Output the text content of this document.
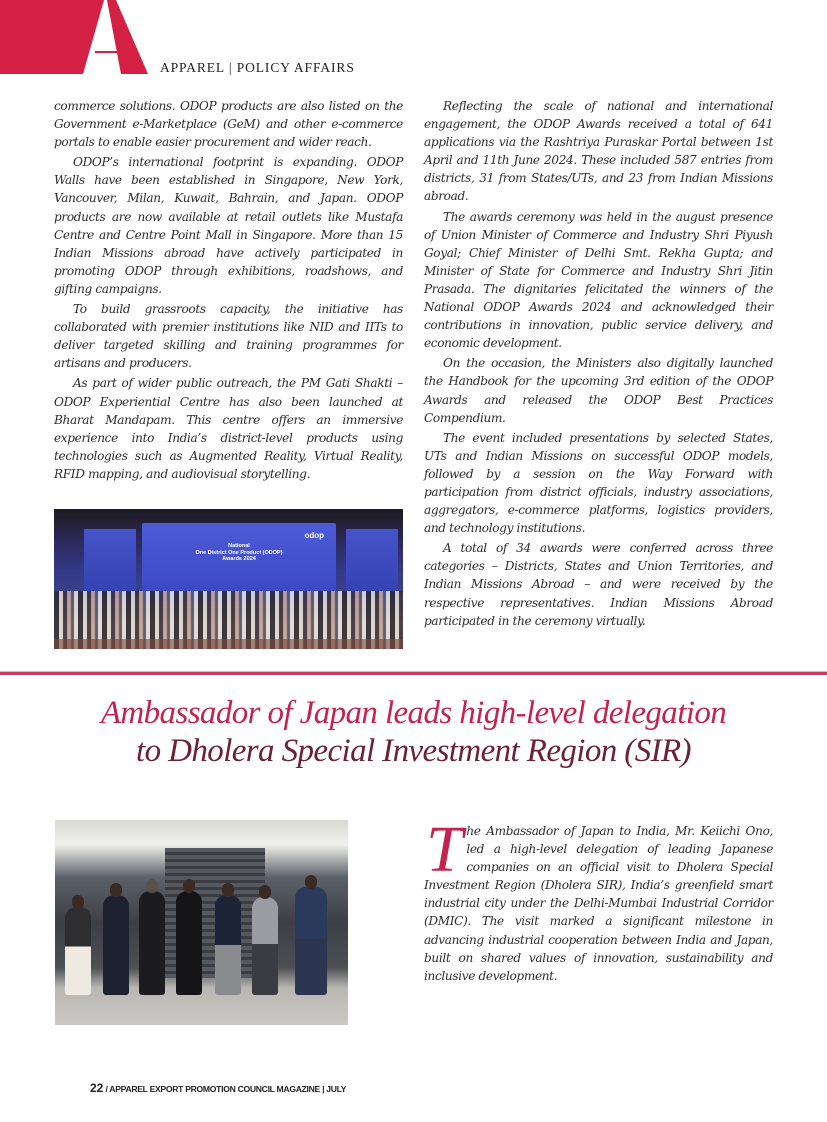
APPAREL | POLICY AFFAIRS

commerce solutions. ODOP products are also listed on the Government e-Marketplace (GeM) and other e-commerce portals to enable easier procurement and wider reach.

ODOP’s international footprint is expanding. ODOP Walls have been established in Singapore, New York, Vancouver, Milan, Kuwait, Bahrain, and Japan. ODOP products are now available at retail outlets like Mustafa Centre and Centre Point Mall in Singapore. More than 15 Indian Missions abroad have actively participated in promoting ODOP through exhibitions, roadshows, and gifting campaigns.

To build grassroots capacity, the initiative has collaborated with premier institutions like NID and IITs to deliver targeted skilling and training programmes for artisans and producers.

As part of wider public outreach, the PM Gati Shakti – ODOP Experiential Centre has also been launched at Bharat Mandapam. This centre offers an immersive experience into India’s district-level products using technologies such as Augmented Reality, Virtual Reality, RFID mapping, and audiovisual storytelling.

odop
National
One District One Product (ODOP)
Awards 2024

Reflecting the scale of national and international engagement, the ODOP Awards received a total of 641 applications via the Rashtriya Puraskar Portal between 1st April and 11th June 2024. These included 587 entries from districts, 31 from States/UTs, and 23 from Indian Missions abroad.

The awards ceremony was held in the august presence of Union Minister of Commerce and Industry Shri Piyush Goyal; Chief Minister of Delhi Smt. Rekha Gupta; and Minister of State for Commerce and Industry Shri Jitin Prasada. The dignitaries felicitated the winners of the National ODOP Awards 2024 and acknowledged their contributions in innovation, public service delivery, and economic development.

On the occasion, the Ministers also digitally launched the Handbook for the upcoming 3rd edition of the ODOP Awards and released the ODOP Best Practices Compendium.

The event included presentations by selected States, UTs and Indian Missions on successful ODOP models, followed by a session on the Way Forward with participation from district officials, industry associations, aggregators, e-commerce platforms, logistics providers, and technology institutions.

A total of 34 awards were conferred across three categories – Districts, States and Union Territories, and Indian Missions Abroad – and were received by the respective representatives. Indian Missions Abroad participated in the ceremony virtually.

Ambassador of Japan leads high-level delegation
to Dholera Special Investment Region (SIR)
T he Ambassador of Japan to India, Mr. Keiichi Ono, led a high-level delegation of leading Japanese companies on an official visit to Dholera Special Investment Region (Dholera SIR), India’s greenfield smart industrial city under the Delhi-Mumbai Industrial Corridor (DMIC). The visit marked a significant milestone in advancing industrial cooperation between India and Japan, built on shared values of innovation, sustainability and inclusive development.

22 / APPAREL EXPORT PROMOTION COUNCIL MAGAZINE | JULY
